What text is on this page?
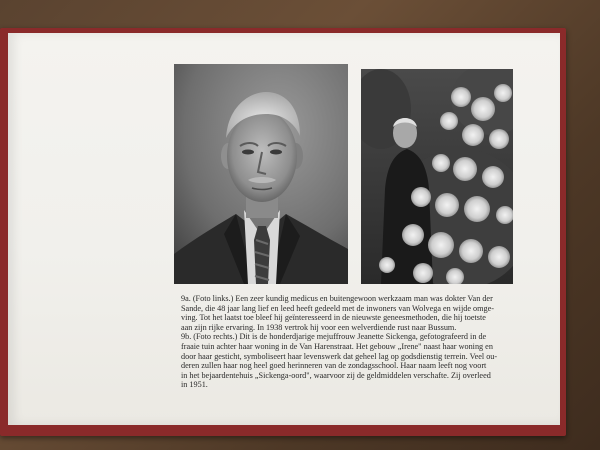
9a. (Foto links.) Een zeer kundig medicus en buitengewoon werkzaam man was dokter Van der
Sande, die 48 jaar lang lief en leed heeft gedeeld met de inwoners van Wolvega en wijde omge-
ving. Tot het laatst toe bleef hij geïnteresseerd in de nieuwste geneesmethoden, die hij toetste
aan zijn rijke ervaring. In 1938 vertrok hij voor een welverdiende rust naar Bussum.
9b. (Foto rechts.) Dit is de honderdjarige mejuffrouw Jeanette Sickenga, gefotografeerd in de
fraaie tuin achter haar woning in de Van Harenstraat. Het gebouw „Irene" naast haar woning en
door haar gesticht, symboliseert haar levenswerk dat geheel lag op godsdienstig terrein. Veel ou-
deren zullen haar nog heel goed herinneren van de zondagsschool. Haar naam leeft nog voort
in het bejaardentehuis „Sickenga-oord", waarvoor zij de geldmiddelen verschafte. Zij overleed
in 1951.
